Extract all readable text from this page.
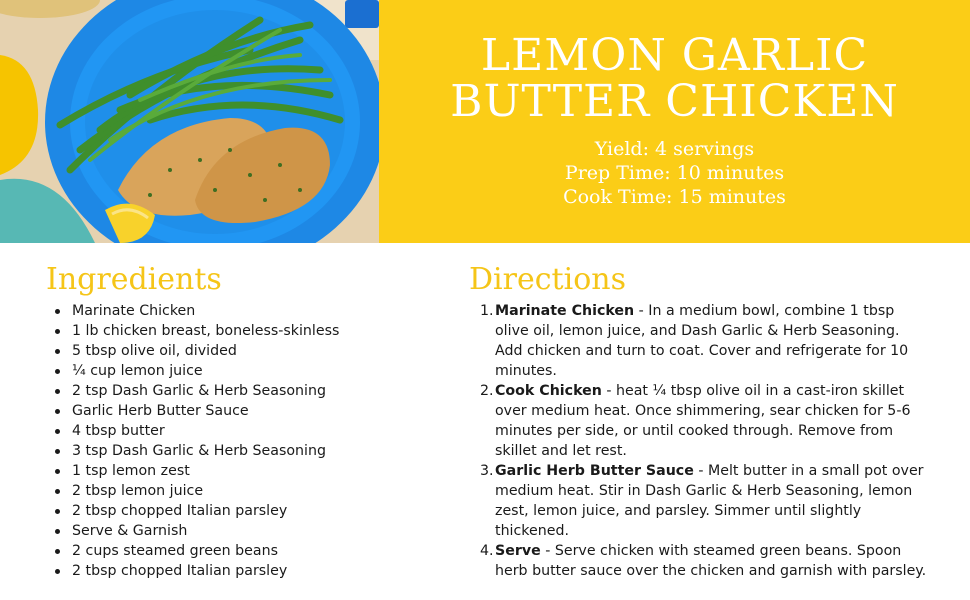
LEMON GARLIC
BUTTER CHICKEN
Yield: 4 servings
Prep Time: 10 minutes
Cook Time: 15 minutes
Ingredients
Marinate Chicken
1 lb chicken breast, boneless-skinless
5 tbsp olive oil, divided
¼ cup lemon juice
2 tsp Dash Garlic & Herb Seasoning
Garlic Herb Butter Sauce
4 tbsp butter
3 tsp Dash Garlic & Herb Seasoning
1 tsp lemon zest
2 tbsp lemon juice
2 tbsp chopped Italian parsley
Serve & Garnish
2 cups steamed green beans
2 tbsp chopped Italian parsley
Directions
1. Marinate Chicken - In a medium bowl, combine 1 tbsp olive oil, lemon juice, and Dash Garlic & Herb Seasoning. Add chicken and turn to coat. Cover and refrigerate for 10 minutes.
2. Cook Chicken - heat ¼ tbsp olive oil in a cast-iron skillet over medium heat. Once shimmering, sear chicken for 5-6 minutes per side, or until cooked through. Remove from skillet and let rest.
3. Garlic Herb Butter Sauce - Melt butter in a small pot over medium heat. Stir in Dash Garlic & Herb Seasoning, lemon zest, lemon juice, and parsley. Simmer until slightly thickened.
4. Serve - Serve chicken with steamed green beans. Spoon herb butter sauce over the chicken and garnish with parsley.
